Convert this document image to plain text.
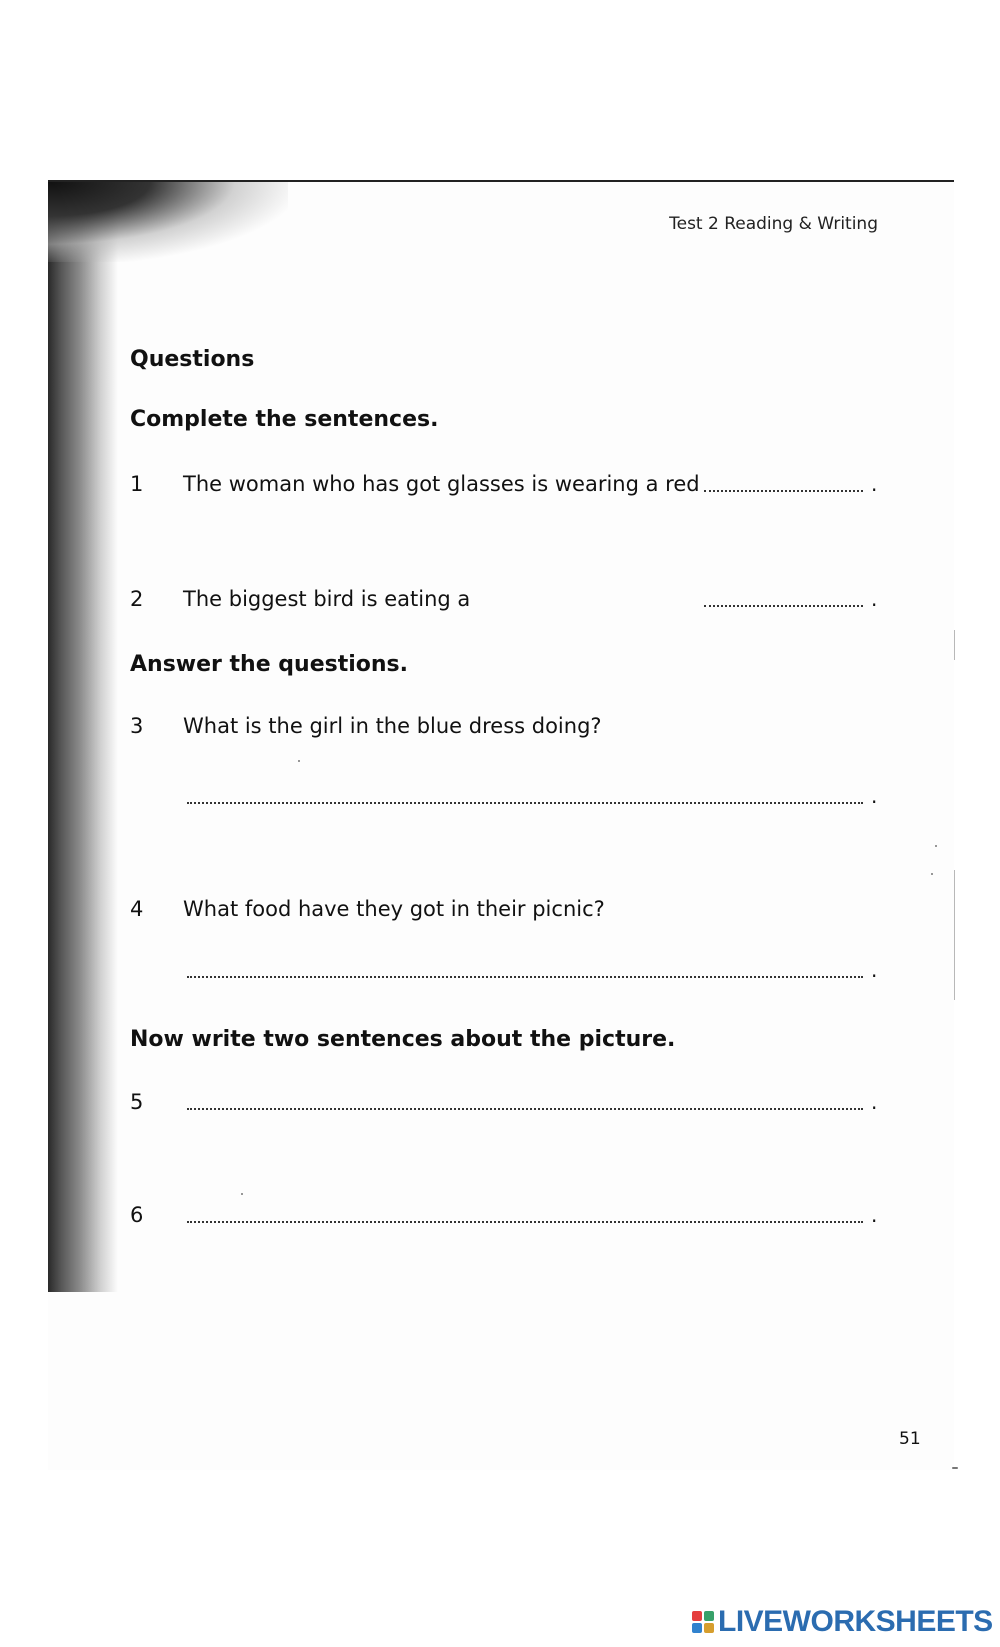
Test 2 Reading & Writing
Questions
Complete the sentences.
1 The woman who has got glasses is wearing a red	.
2 The biggest bird is eating a	.
Answer the questions.
3 What is the girl in the blue dress doing?
.
4 What food have they got in their picnic?
.
Now write two sentences about the picture.
5	.
6	.
51
LIVEWORKSHEETS
